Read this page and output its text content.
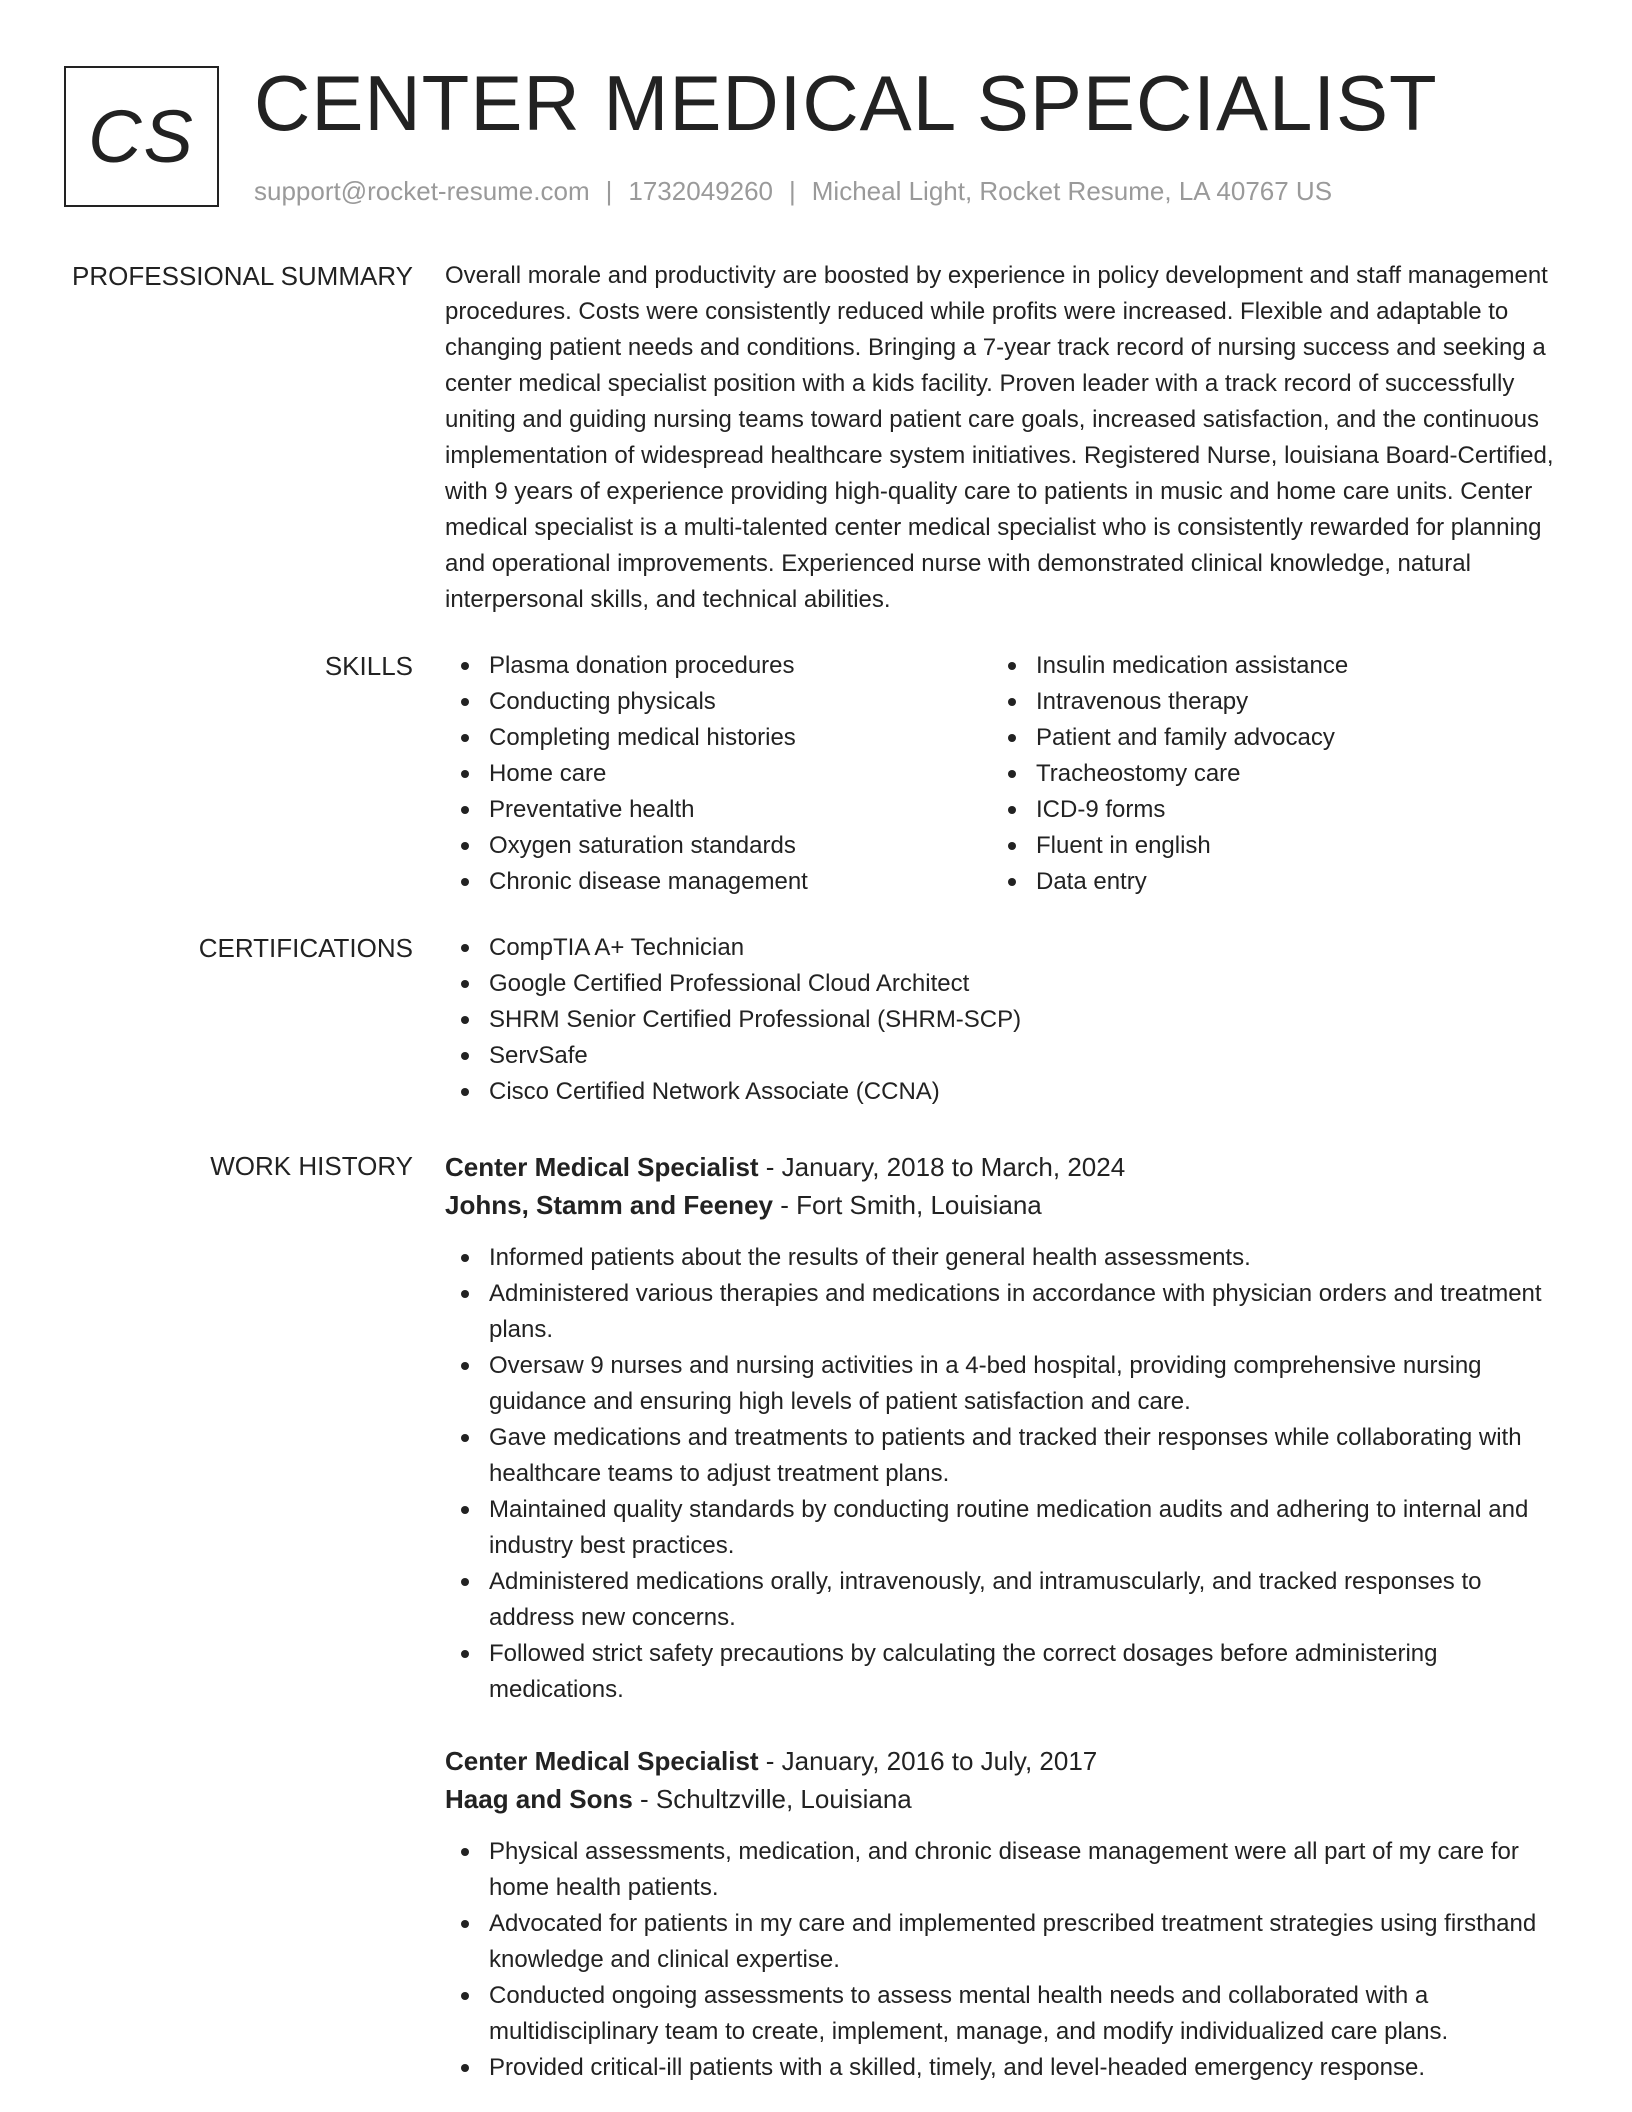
CS CENTER MEDICAL SPECIALIST
support@rocket-resume.com | 1732049260 | Micheal Light, Rocket Resume, LA 40767 US
PROFESSIONAL SUMMARY Overall morale and productivity are boosted by experience in policy development and staff management procedures. Costs were consistently reduced while profits were increased. Flexible and adaptable to changing patient needs and conditions. Bringing a 7-year track record of nursing success and seeking a center medical specialist position with a kids facility. Proven leader with a track record of successfully uniting and guiding nursing teams toward patient care goals, increased satisfaction, and the continuous implementation of widespread healthcare system initiatives. Registered Nurse, louisiana Board-Certified, with 9 years of experience providing high-quality care to patients in music and home care units. Center medical specialist is a multi-talented center medical specialist who is consistently rewarded for planning and operational improvements. Experienced nurse with demonstrated clinical knowledge, natural interpersonal skills, and technical abilities.

SKILLS	Plasma donation procedures
Conducting physicals
Completing medical histories
Home care
Preventative health
Oxygen saturation standards
Chronic disease management
Insulin medication assistance
Intravenous therapy
Patient and family advocacy
Tracheostomy care
ICD-9 forms
Fluent in english
Data entry
CERTIFICATIONS	CompTIA A+ Technician
Google Certified Professional Cloud Architect
SHRM Senior Certified Professional (SHRM-SCP)
ServSafe
Cisco Certified Network Associate (CCNA)
WORK HISTORY Center Medical Specialist - January, 2018 to March, 2024
Johns, Stamm and Feeney - Fort Smith, Louisiana
Informed patients about the results of their general health assessments.
Administered various therapies and medications in accordance with physician orders and treatment plans.
Oversaw 9 nurses and nursing activities in a 4-bed hospital, providing comprehensive nursing guidance and ensuring high levels of patient satisfaction and care.
Gave medications and treatments to patients and tracked their responses while collaborating with healthcare teams to adjust treatment plans.
Maintained quality standards by conducting routine medication audits and adhering to internal and industry best practices.
Administered medications orally, intravenously, and intramuscularly, and tracked responses to address new concerns.
Followed strict safety precautions by calculating the correct dosages before administering medications.
Center Medical Specialist - January, 2016 to July, 2017
Haag and Sons - Schultzville, Louisiana
Physical assessments, medication, and chronic disease management were all part of my care for home health patients.
Advocated for patients in my care and implemented prescribed treatment strategies using firsthand knowledge and clinical expertise.
Conducted ongoing assessments to assess mental health needs and collaborated with a multidisciplinary team to create, implement, manage, and modify individualized care plans.
Provided critical-ill patients with a skilled, timely, and level-headed emergency response.
